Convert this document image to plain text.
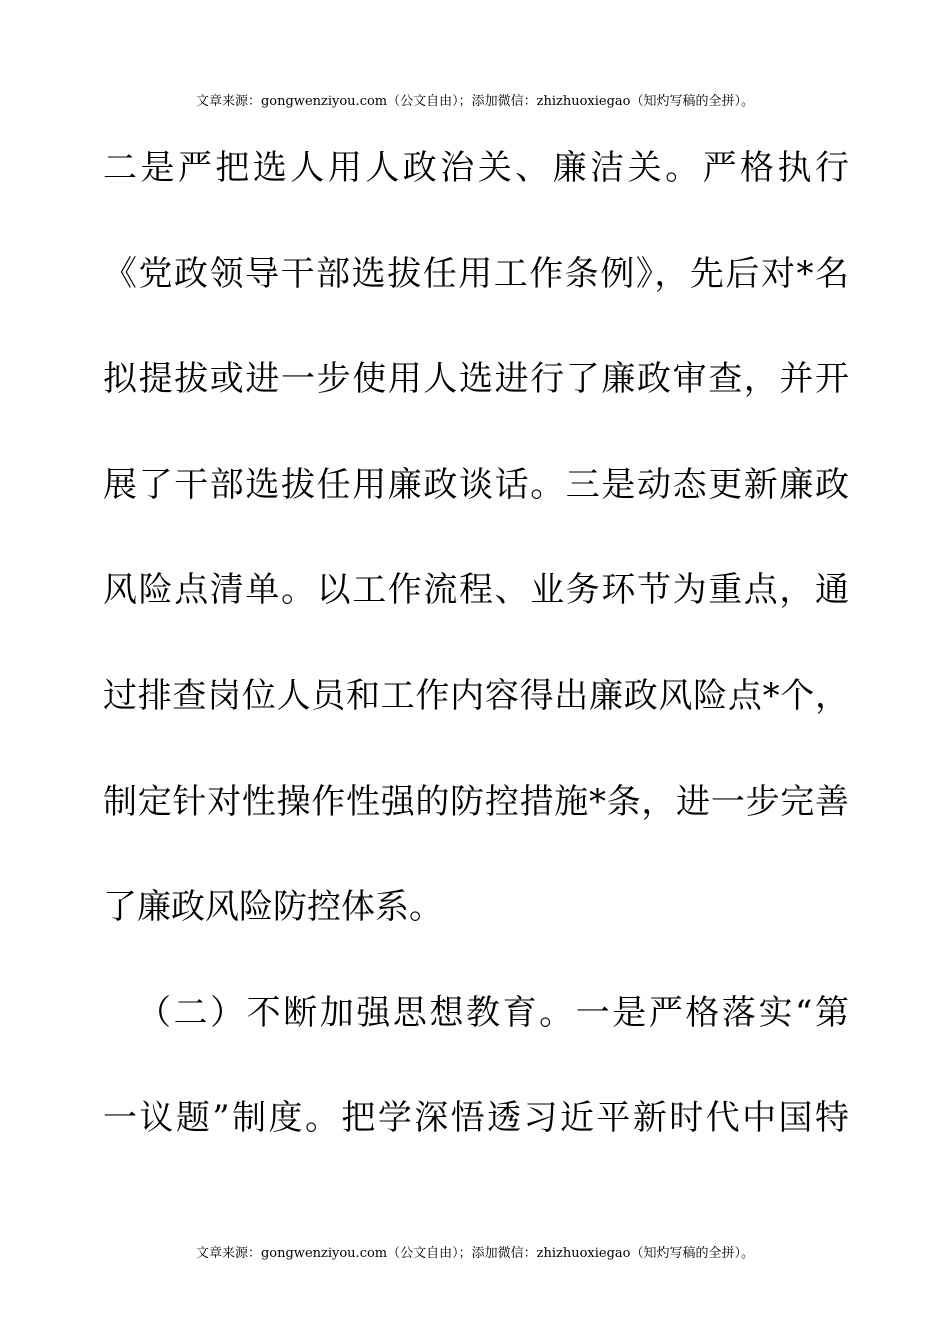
文章来源：gongwenziyou.com（公文自由）；添加微信：zhizhuoxiegao（知灼写稿的全拼）。
二是严把选人用人政治关、廉洁关。严格执行
《党政领导干部选拔任用工作条例》，先后对*名
拟提拔或进一步使用人选进行了廉政审查，并开
展了干部选拔任用廉政谈话。三是动态更新廉政
风险点清单。以工作流程、业务环节为重点，通
过排查岗位人员和工作内容得出廉政风险点*个，
制定针对性操作性强的防控措施*条，进一步完善
了廉政风险防控体系。
（二）不断加强思想教育。一是严格落实“第
一议题”制度。把学深悟透习近平新时代中国特
文章来源：gongwenziyou.com（公文自由）；添加微信：zhizhuoxiegao（知灼写稿的全拼）。
